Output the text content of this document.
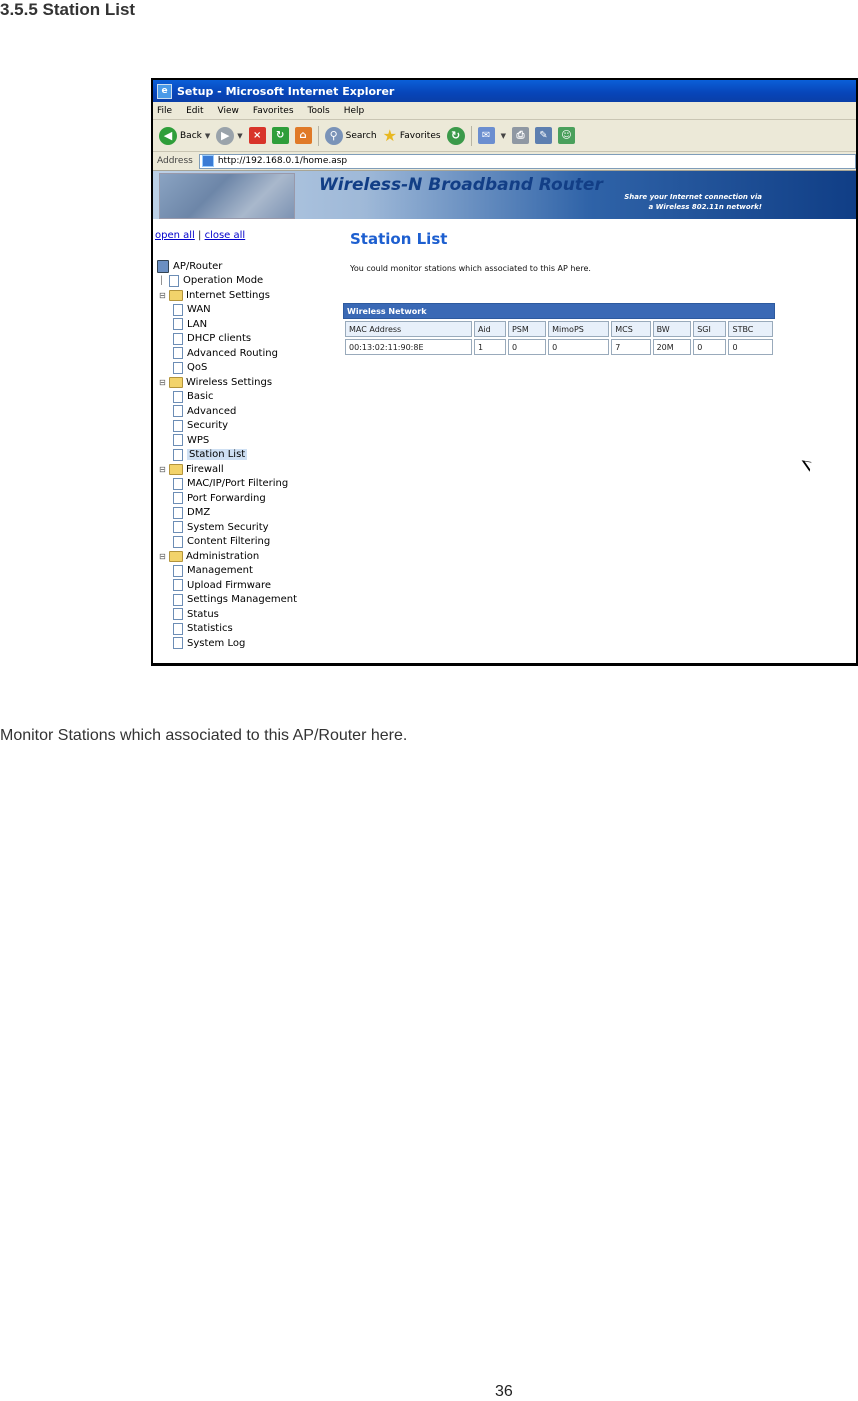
3.5.5 Station List
e Setup - Microsoft Internet Explorer
File Edit View Favorites Tools Help
◀ Back ▼ ▶	▼	×	↻	⌂	⚲ Search ★ Favorites ↻	✉	▼	⎙	✎	☺
Address	http://192.168.0.1/home.asp
Wireless-N Broadband Router
Share your Internet connection via
a Wireless 802.11n network!
open all | close all
AP/Router
│	Operation Mode
⊟	Internet Settings
WAN
LAN
DHCP clients
Advanced Routing
QoS
⊟	Wireless Settings
Basic
Advanced
Security
WPS
Station List
⊟	Firewall
MAC/IP/Port Filtering
Port Forwarding
DMZ
System Security
Content Filtering
⊟	Administration
Management
Upload Firmware
Settings Management
Status
Statistics
System Log
Station List
You could monitor stations which associated to this AP here.
Wireless Network
MAC Address	Aid	PSM	MimoPS	MCS	BW	SGI	STBC
00:13:02:11:90:8E	1	0	0	7	20M	0	0
Monitor Stations which associated to this AP/Router here.
36
